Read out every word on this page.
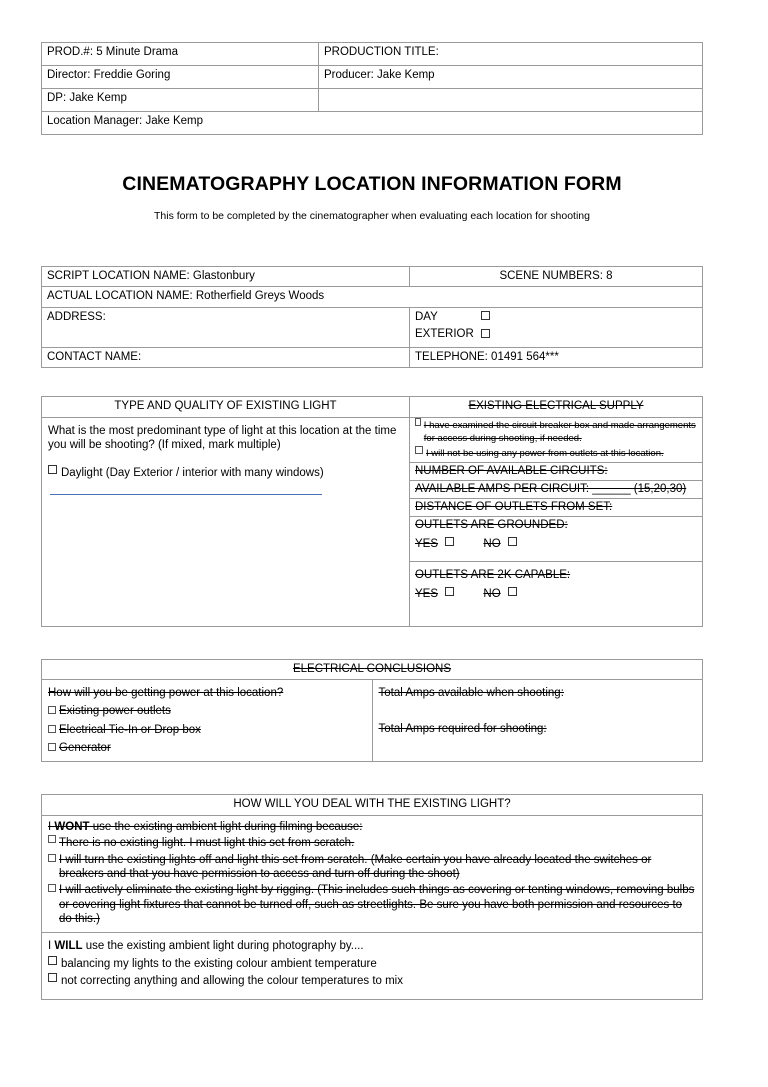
PROD.#: 5 Minute Drama	PRODUCTION TITLE:
Director: Freddie Goring	Producer: Jake Kemp
DP: Jake Kemp	
Location Manager: Jake Kemp	
CINEMATOGRAPHY LOCATION INFORMATION FORM
This form to be completed by the cinematographer when evaluating each location for shooting
SCRIPT LOCATION NAME: Glastonbury	SCENE NUMBERS: 8
ACTUAL LOCATION NAME: Rotherfield Greys Woods	
ADDRESS:	DAY
EXTERIOR

CONTACT NAME:	TELEPHONE: 01491 564***
TYPE AND QUALITY OF EXISTING LIGHT	EXISTING ELECTRICAL SUPPLY

What is the most predominant type of light at this location at the time you will be shooting? (If mixed, mark multiple)
Daylight (Day Exterior / interior with many windows)

I have examined the circuit breaker box and made arrangements for access during shooting, if needed.
I will not be using any power from outlets at this location.

NUMBER OF AVAILABLE CIRCUITS:
AVAILABLE AMPS PER CIRCUIT: ______ (15,20,30)
DISTANCE OF OUTLETS FROM SET:

OUTLETS ARE GROUNDED:
YES	NO

OUTLETS ARE 2K CAPABLE:
YES	NO
ELECTRICAL CONCLUSIONS

How will you be getting power at this location?
Existing power outlets
Electrical Tie-In or Drop box
Generator

Total Amps available when shooting:
Total Amps required for shooting:
HOW WILL YOU DEAL WITH THE EXISTING LIGHT?

I WONT use the existing ambient light during filming because:
There is no existing light. I must light this set from scratch.
I will turn the existing lights off and light this set from scratch. (Make certain you have already located the switches or breakers and that you have permission to access and turn off during the shoot)
I will actively eliminate the existing light by rigging. (This includes such things as covering or tenting windows, removing bulbs or covering light fixtures that cannot be turned off, such as streetlights. Be sure you have both permission and resources to do this.)

I WILL use the existing ambient light during photography by....
balancing my lights to the existing colour ambient temperature
not correcting anything and allowing the colour temperatures to mix
